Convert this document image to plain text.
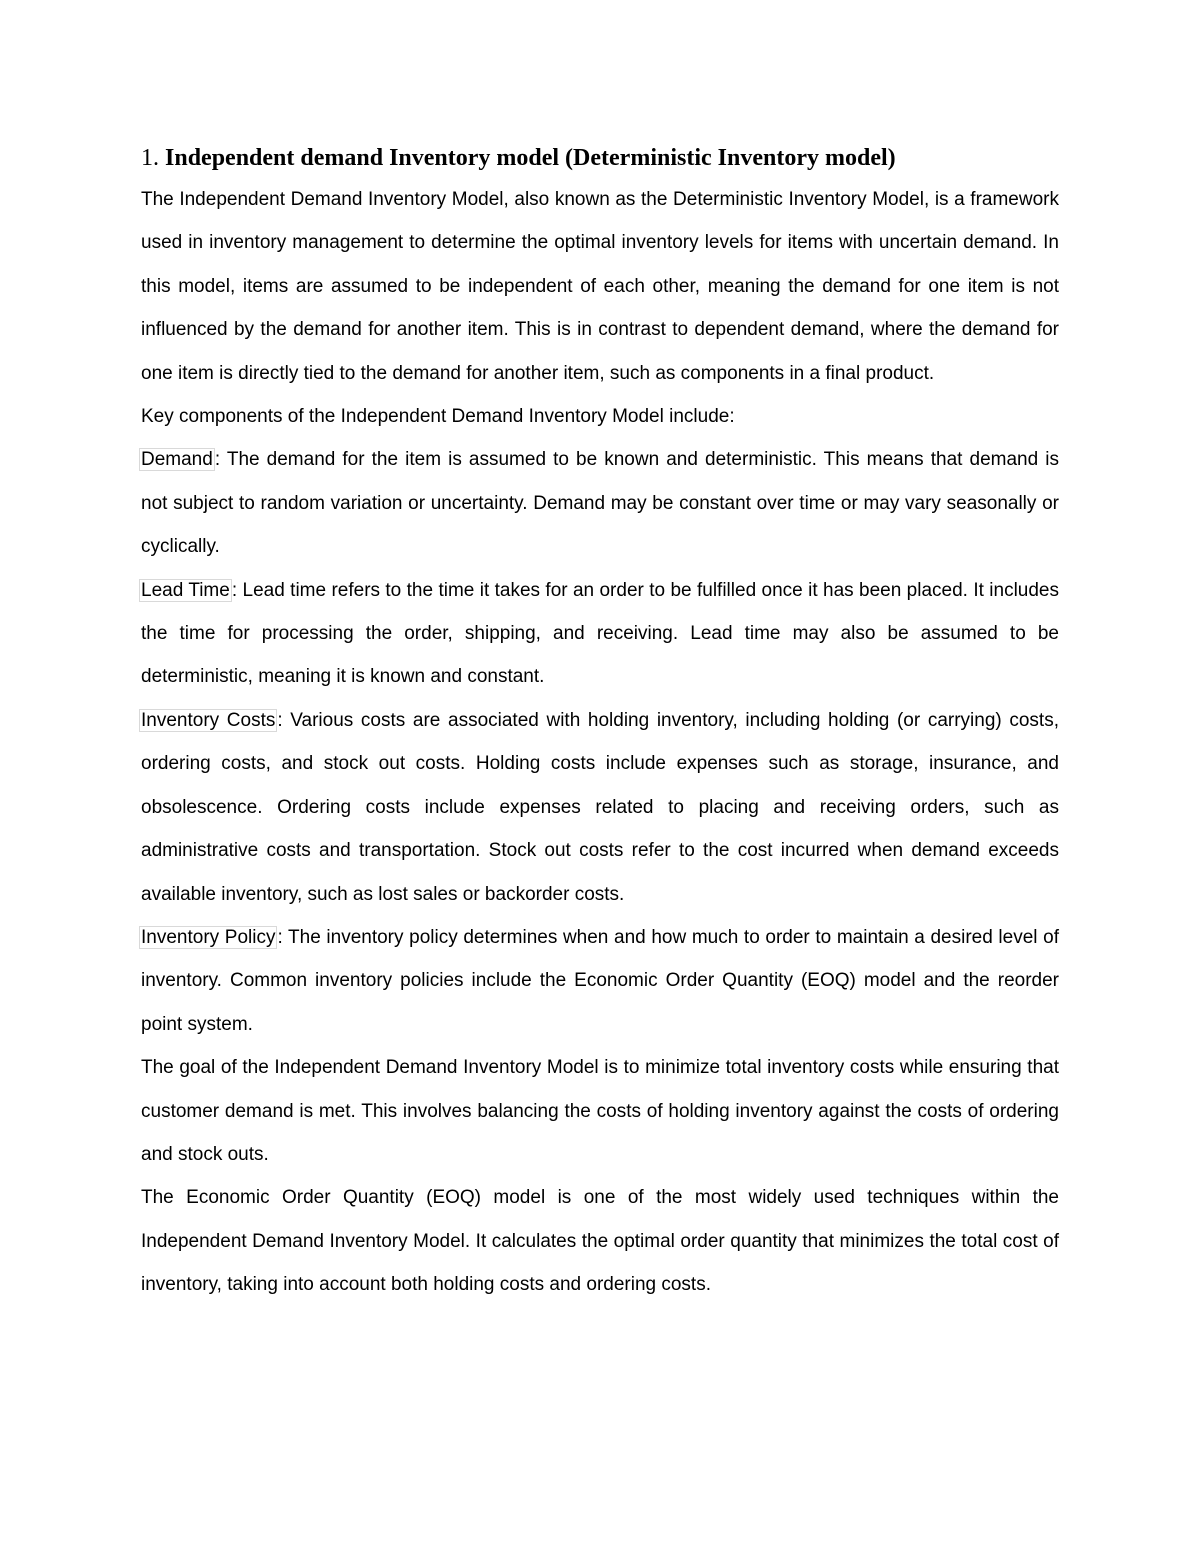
1. Independent demand Inventory model (Deterministic Inventory model)

The Independent Demand Inventory Model, also known as the Deterministic Inventory Model, is a framework used in inventory management to determine the optimal inventory levels for items with uncertain demand. In this model, items are assumed to be independent of each other, meaning the demand for one item is not influenced by the demand for another item. This is in contrast to dependent demand, where the demand for one item is directly tied to the demand for another item, such as components in a final product.

Key components of the Independent Demand Inventory Model include:

Demand : The demand for the item is assumed to be known and deterministic. This means that demand is not subject to random variation or uncertainty. Demand may be constant over time or may vary seasonally or cyclically.

Lead Time : Lead time refers to the time it takes for an order to be fulfilled once it has been placed. It includes the time for processing the order, shipping, and receiving. Lead time may also be assumed to be deterministic, meaning it is known and constant.

Inventory Costs : Various costs are associated with holding inventory, including holding (or carrying) costs, ordering costs, and stock out costs. Holding costs include expenses such as storage, insurance, and obsolescence. Ordering costs include expenses related to placing and receiving orders, such as administrative costs and transportation. Stock out costs refer to the cost incurred when demand exceeds available inventory, such as lost sales or backorder costs.

Inventory Policy : The inventory policy determines when and how much to order to maintain a desired level of inventory. Common inventory policies include the Economic Order Quantity (EOQ) model and the reorder point system.

The goal of the Independent Demand Inventory Model is to minimize total inventory costs while ensuring that customer demand is met. This involves balancing the costs of holding inventory against the costs of ordering and stock outs.

The Economic Order Quantity (EOQ) model is one of the most widely used techniques within the Independent Demand Inventory Model. It calculates the optimal order quantity that minimizes the total cost of inventory, taking into account both holding costs and ordering costs.
